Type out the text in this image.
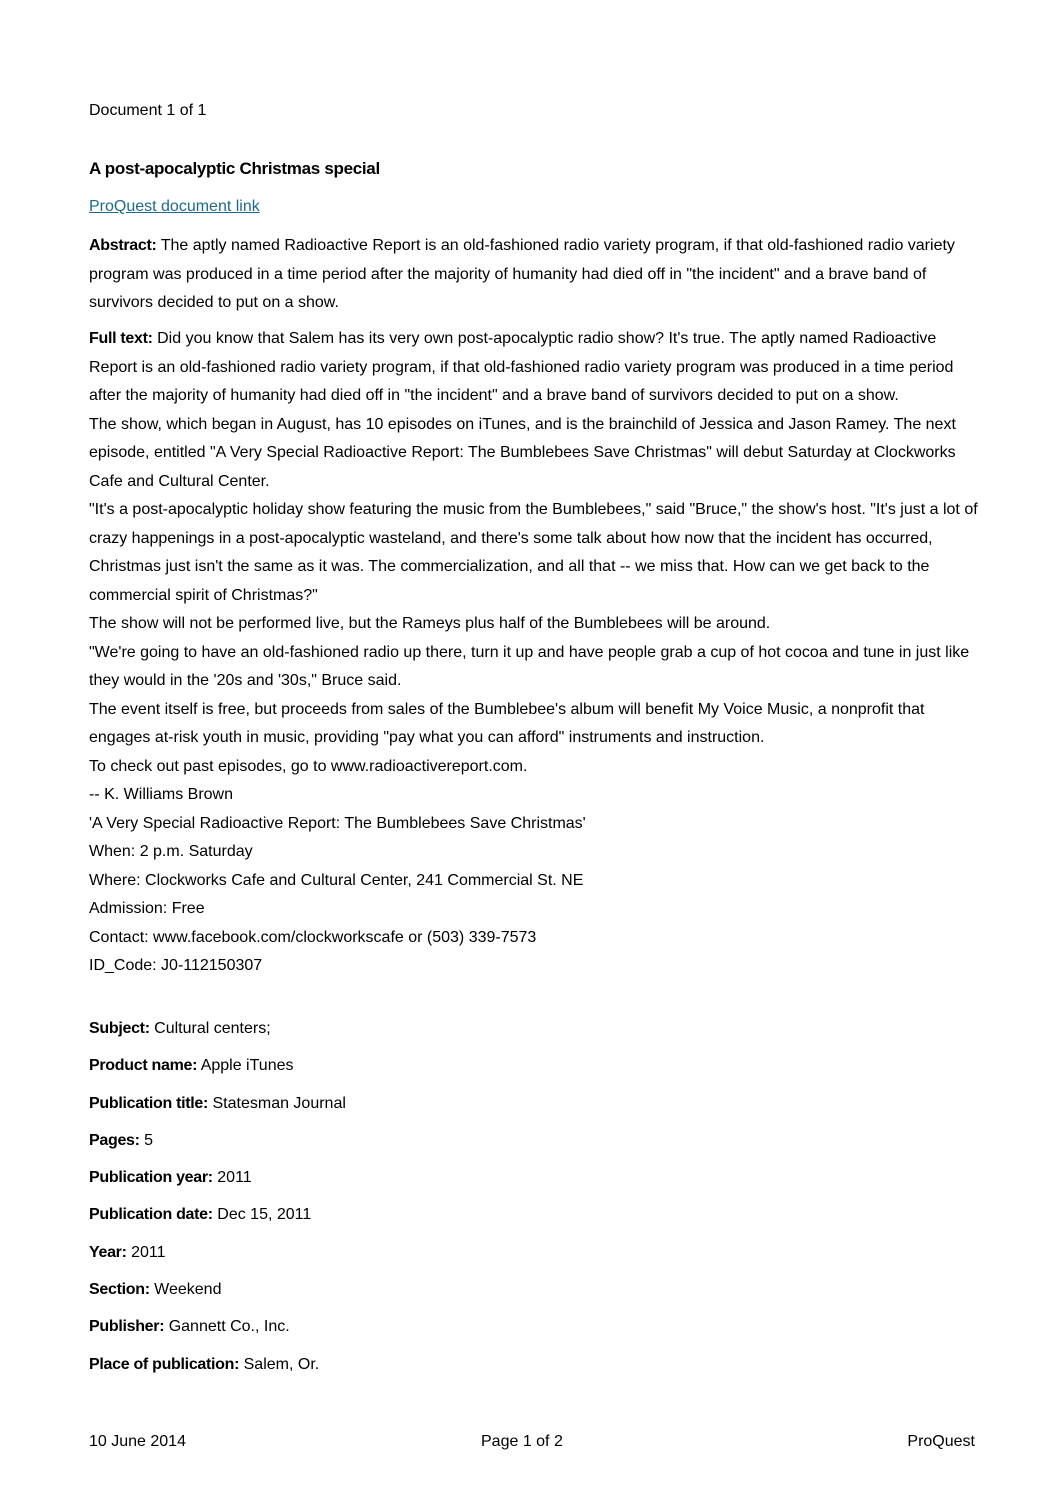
Document 1 of 1
A post-apocalyptic Christmas special
ProQuest document link

Abstract: The aptly named Radioactive Report is an old-fashioned radio variety program, if that old-fashioned radio variety program was produced in a time period after the majority of humanity had died off in "the incident" and a brave band of survivors decided to put on a show.

Full text: Did you know that Salem has its very own post-apocalyptic radio show? It's true. The aptly named Radioactive Report is an old-fashioned radio variety program, if that old-fashioned radio variety program was produced in a time period after the majority of humanity had died off in "the incident" and a brave band of survivors decided to put on a show.
The show, which began in August, has 10 episodes on iTunes, and is the brainchild of Jessica and Jason Ramey. The next episode, entitled "A Very Special Radioactive Report: The Bumblebees Save Christmas" will debut Saturday at Clockworks Cafe and Cultural Center.
"It's a post-apocalyptic holiday show featuring the music from the Bumblebees," said "Bruce," the show's host. "It's just a lot of crazy happenings in a post-apocalyptic wasteland, and there's some talk about how now that the incident has occurred, Christmas just isn't the same as it was. The commercialization, and all that -- we miss that. How can we get back to the commercial spirit of Christmas?"
The show will not be performed live, but the Rameys plus half of the Bumblebees will be around.
"We're going to have an old-fashioned radio up there, turn it up and have people grab a cup of hot cocoa and tune in just like they would in the '20s and '30s," Bruce said.
The event itself is free, but proceeds from sales of the Bumblebee's album will benefit My Voice Music, a nonprofit that engages at-risk youth in music, providing "pay what you can afford" instruments and instruction.
To check out past episodes, go to www.radioactivereport.com.
-- K. Williams Brown
'A Very Special Radioactive Report: The Bumblebees Save Christmas'
When: 2 p.m. Saturday
Where: Clockworks Cafe and Cultural Center, 241 Commercial St. NE
Admission: Free
Contact: www.facebook.com/clockworkscafe or (503) 339-7573
ID_Code: J0-112150307
Subject: Cultural centers;
Product name: Apple iTunes
Publication title: Statesman Journal
Pages: 5
Publication year: 2011
Publication date: Dec 15, 2011
Year: 2011
Section: Weekend
Publisher: Gannett Co., Inc.
Place of publication: Salem, Or.
10 June 2014	Page 1 of 2	ProQuest
